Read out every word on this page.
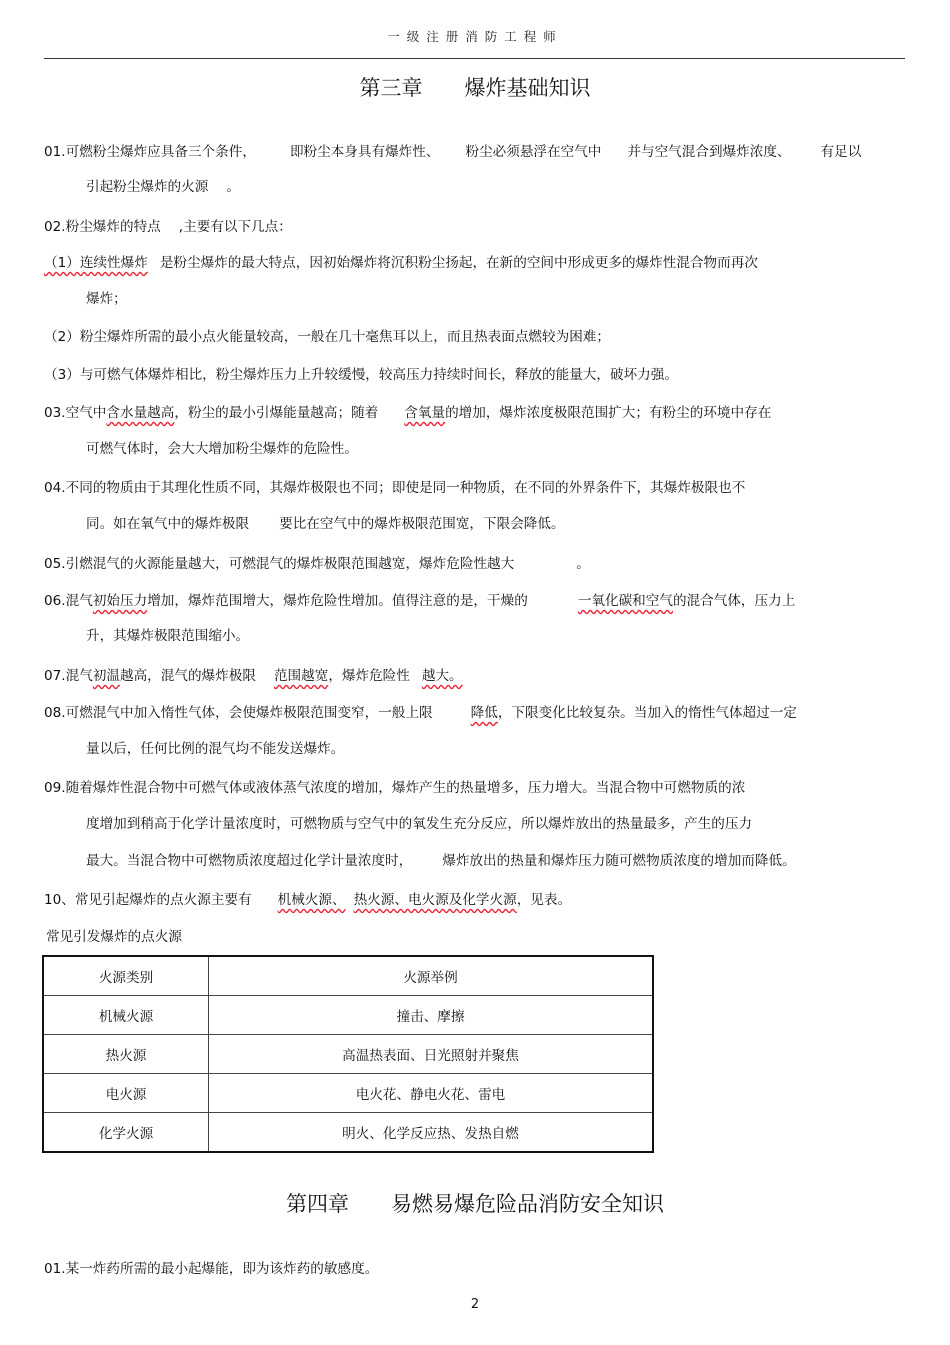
一级注册消防工程师
第三章　　爆炸基础知识
01.可燃粉尘爆炸应具备三个条件，	即粉尘本身具有爆炸性、 粉尘必须悬浮在空气中 并与空气混合到爆炸浓度、 有足以
引起粉尘爆炸的火源 。
02.粉尘爆炸的特点 ,主要有以下几点：
（1）连续性爆炸 是粉尘爆炸的最大特点，因初始爆炸将沉积粉尘扬起，在新的空间中形成更多的爆炸性混合物而再次
爆炸；
（2）粉尘爆炸所需的最小点火能量较高，一般在几十毫焦耳以上，而且热表面点燃较为困难；
（3）与可燃气体爆炸相比，粉尘爆炸压力上升较缓慢，较高压力持续时间长，释放的能量大，破坏力强。
03.空气中含水量越高，粉尘的最小引爆能量越高；随着 含氧量的增加，爆炸浓度极限范围扩大；有粉尘的环境中存在
可燃气体时，会大大增加粉尘爆炸的危险性。
04.不同的物质由于其理化性质不同，其爆炸极限也不同；即使是同一种物质，在不同的外界条件下，其爆炸极限也不
同。如在氧气中的爆炸极限 要比在空气中的爆炸极限范围宽，下限会降低。
05.引燃混气的火源能量越大，可燃混气的爆炸极限范围越宽，爆炸危险性越大	。
06.混气初始压力增加，爆炸范围增大，爆炸危险性增加。值得注意的是，干燥的	一氧化碳和空气的混合气体，压力上
升，其爆炸极限范围缩小。
07.混气初温越高，混气的爆炸极限 范围越宽，爆炸危险性 越大。
08.可燃混气中加入惰性气体，会使爆炸极限范围变窄，一般上限	降低，下限变化比较复杂。当加入的惰性气体超过一定
量以后，任何比例的混气均不能发送爆炸。
09.随着爆炸性混合物中可燃气体或液体蒸气浓度的增加，爆炸产生的热量增多，压力增大。当混合物中可燃物质的浓
度增加到稍高于化学计量浓度时，可燃物质与空气中的氧发生充分反应，所以爆炸放出的热量最多，产生的压力
最大。当混合物中可燃物质浓度超过化学计量浓度时， 爆炸放出的热量和爆炸压力随可燃物质浓度的增加而降低。
10、常见引起爆炸的点火源主要有 机械火源、 热火源、电火源及化学火源，见表。
常见引发爆炸的点火源
火源类别	火源举例
机械火源	撞击、摩擦
热火源	高温热表面、日光照射并聚焦
电火源	电火花、静电火花、雷电
化学火源	明火、化学反应热、发热自燃
第四章　　易燃易爆危险品消防安全知识
01.某一炸药所需的最小起爆能，即为该炸药的敏感度。
2
